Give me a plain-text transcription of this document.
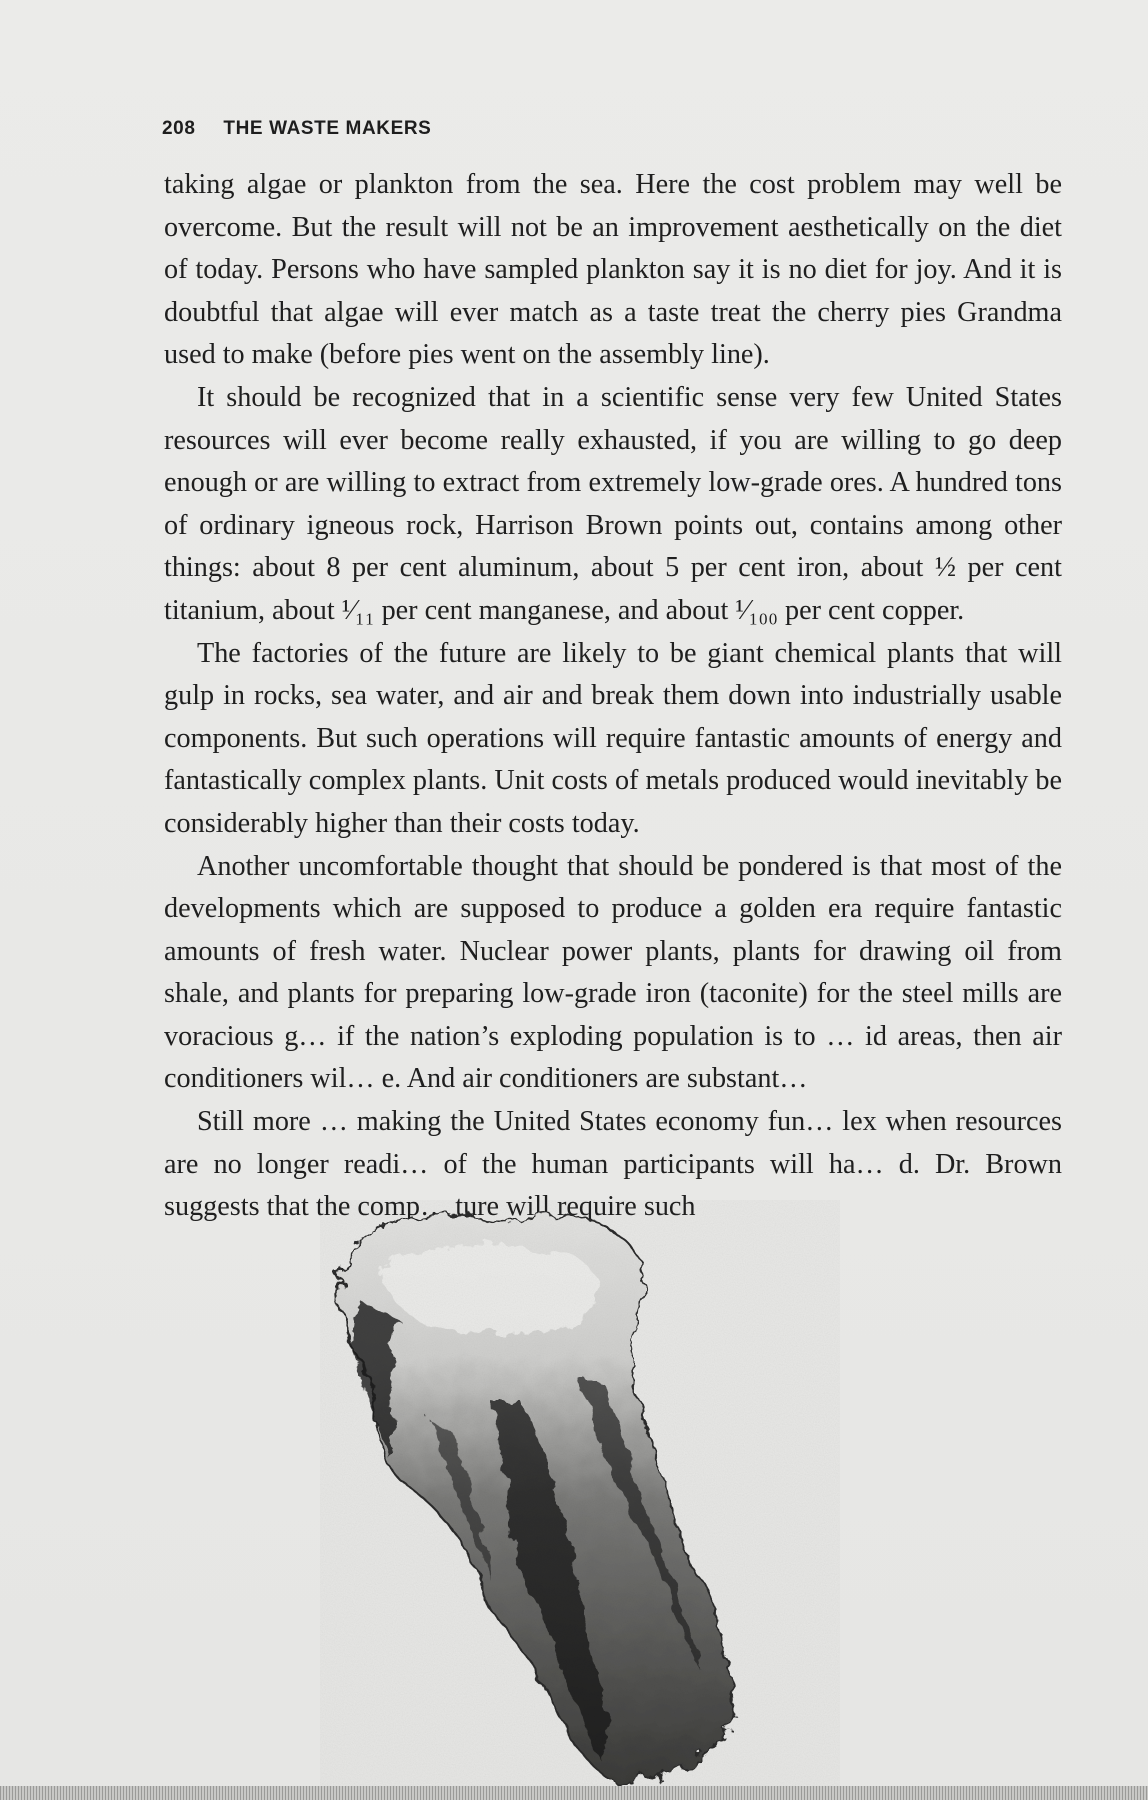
208 THE WASTE MAKERS

taking algae or plankton from the sea. Here the cost problem may well be overcome. But the result will not be an improvement aesthetically on the diet of today. Persons who have sampled plankton say it is no diet for joy. And it is doubtful that algae will ever match as a taste treat the cherry pies Grandma used to make (before pies went on the assembly line).

It should be recognized that in a scientific sense very few United States resources will ever become really exhausted, if you are willing to go deep enough or are willing to extract from extremely low-grade ores. A hundred tons of ordinary igneous rock, Harrison Brown points out, contains among other things: about 8 per cent aluminum, about 5 per cent iron, about ½ per cent titanium, about ¹⁄₁₁ per cent manganese, and about ¹⁄₁₀₀ per cent copper.

The factories of the future are likely to be giant chemical plants that will gulp in rocks, sea water, and air and break them down into industrially usable components. But such operations will require fantastic amounts of energy and fantastically complex plants. Unit costs of metals produced would inevitably be considerably higher than their costs today.

Another uncomfortable thought that should be pondered is that most of the developments which are supposed to produce a golden era require fantastic amounts of fresh water. Nuclear power plants, plants for drawing oil from shale, and plants for preparing low-grade iron (taconite) for the steel mills are voracious g… if the nation’s exploding population is to … id areas, then air conditioners wil… e. And air conditioners are substant…

Still more … making the United States economy fun… lex when resources are no longer readi… of the human participants will ha… d. Dr. Brown suggests that the comp… ture will require such
